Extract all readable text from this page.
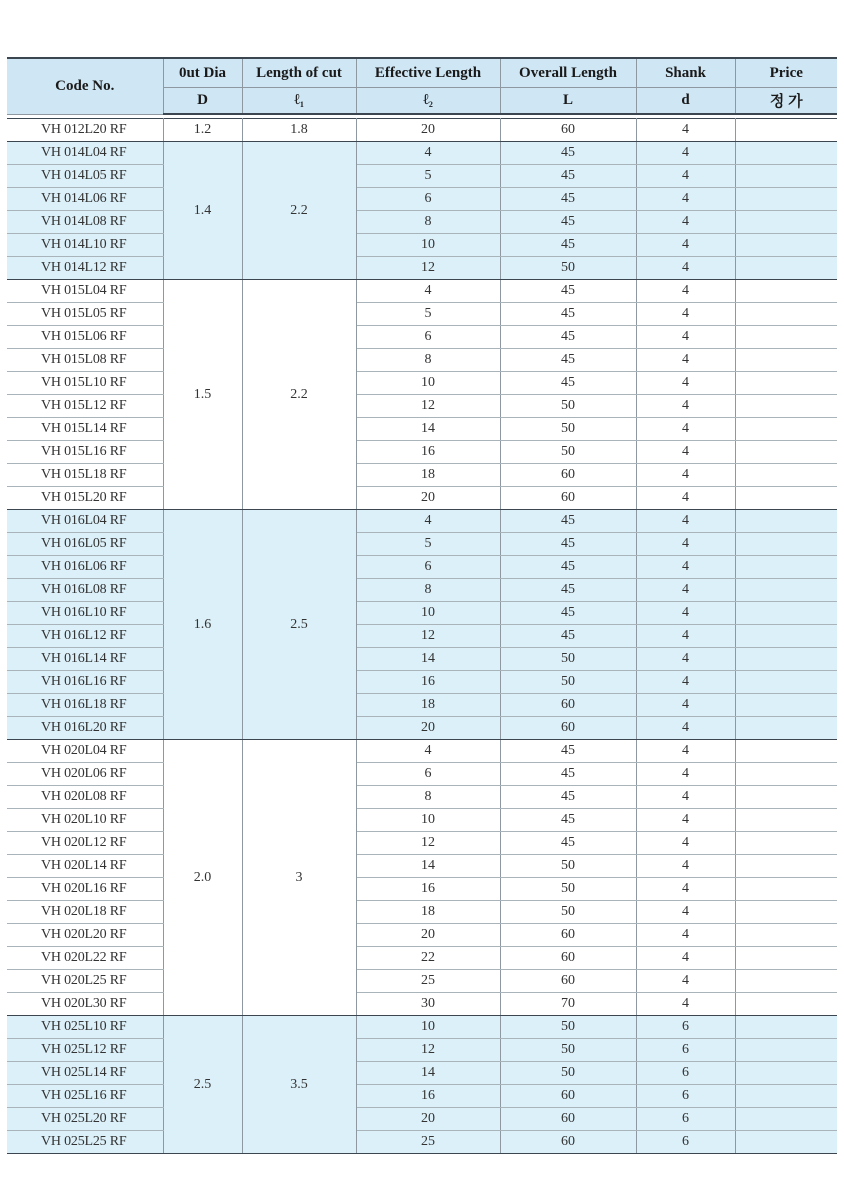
Code No.	0ut Dia	Length of cut	Effective Length	Overall Length	Shank	Price
	D	ℓ$_1$	ℓ$_2$	L	d	정 가

VH 012L20 RF	1.2	1.8	20	60	4	
VH 014L04 RF	1.4	2.2	4	45	4	
VH 014L05 RF			5	45	4	
VH 014L06 RF			6	45	4	
VH 014L08 RF			8	45	4	
VH 014L10 RF			10	45	4	
VH 014L12 RF			12	50	4	
VH 015L04 RF	1.5	2.2	4	45	4	
VH 015L05 RF			5	45	4	
VH 015L06 RF			6	45	4	
VH 015L08 RF			8	45	4	
VH 015L10 RF			10	45	4	
VH 015L12 RF			12	50	4	
VH 015L14 RF			14	50	4	
VH 015L16 RF			16	50	4	
VH 015L18 RF			18	60	4	
VH 015L20 RF			20	60	4	
VH 016L04 RF	1.6	2.5	4	45	4	
VH 016L05 RF			5	45	4	
VH 016L06 RF			6	45	4	
VH 016L08 RF			8	45	4	
VH 016L10 RF			10	45	4	
VH 016L12 RF			12	45	4	
VH 016L14 RF			14	50	4	
VH 016L16 RF			16	50	4	
VH 016L18 RF			18	60	4	
VH 016L20 RF			20	60	4	
VH 020L04 RF	2.0	3	4	45	4	
VH 020L06 RF			6	45	4	
VH 020L08 RF			8	45	4	
VH 020L10 RF			10	45	4	
VH 020L12 RF			12	45	4	
VH 020L14 RF			14	50	4	
VH 020L16 RF			16	50	4	
VH 020L18 RF			18	50	4	
VH 020L20 RF			20	60	4	
VH 020L22 RF			22	60	4	
VH 020L25 RF			25	60	4	
VH 020L30 RF			30	70	4	
VH 025L10 RF	2.5	3.5	10	50	6	
VH 025L12 RF			12	50	6	
VH 025L14 RF			14	50	6	
VH 025L16 RF			16	60	6	
VH 025L20 RF			20	60	6	
VH 025L25 RF			25	60	6	
